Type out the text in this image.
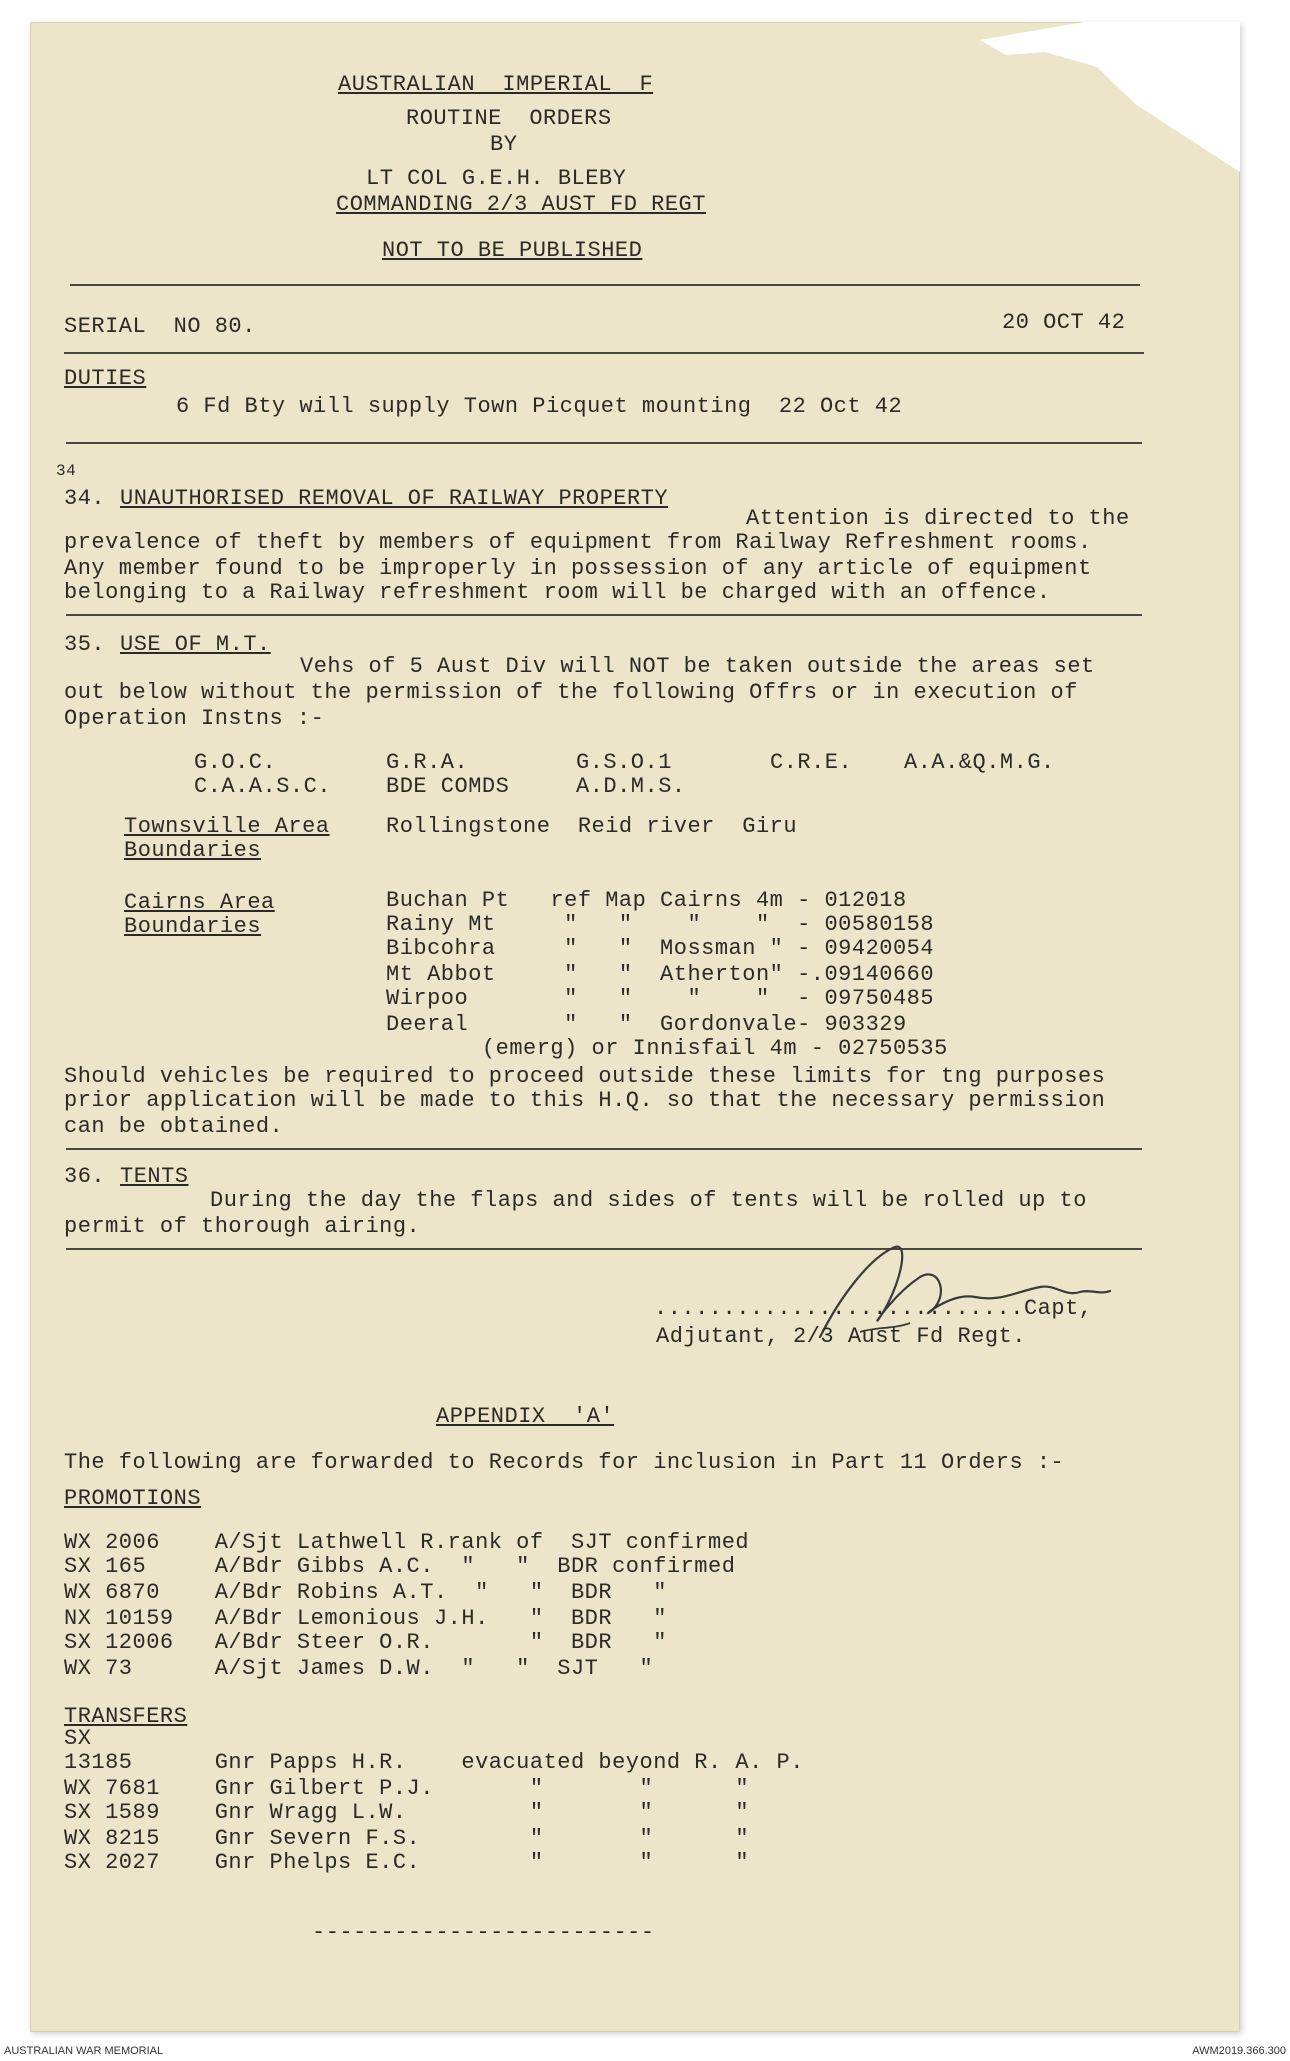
AUSTRALIAN  IMPERIAL  F
ROUTINE  ORDERS
BY
LT COL G.E.H. BLEBY
COMMANDING 2/3 AUST FD REGT
NOT TO BE PUBLISHED
SERIAL  NO 80.	20 OCT 42
DUTIES
6 Fd Bty will supply Town Picquet mounting  22 Oct 42
34
34. UNAUTHORISED REMOVAL OF RAILWAY PROPERTY
Attention is directed to the
prevalence of theft by members of equipment from Railway Refreshment rooms.
Any member found to be improperly in possession of any article of equipment
belonging to a Railway refreshment room will be charged with an offence.
35. USE OF M.T.
Vehs of 5 Aust Div will NOT be taken outside the areas set
out below without the permission of the following Offrs or in execution of
Operation Instns :-
G.O.C.	G.R.A.	G.S.O.1	C.R.E. A.A.&Q.M.G.
C.A.A.S.C. BDE COMDS	A.D.M.S.
Townsville Area
Boundaries
Rollingstone  Reid river  Giru
Cairns Area
Boundaries
Buchan Pt   ref Map Cairns 4m - 012018
Rainy Mt     "   "    "    "  - 00580158
Bibcohra     "   "  Mossman " - 09420054
Mt Abbot     "   "  Atherton" -.09140660
Wirpoo       "   "    "    "  - 09750485
Deeral       "   "  Gordonvale- 903329
(emerg) or Innisfail 4m - 02750535
Should vehicles be required to proceed outside these limits for tng purposes
prior application will be made to this H.Q. so that the necessary permission
can be obtained.
36. TENTS
During the day the flaps and sides of tents will be rolled up to
permit of thorough airing.
...........................Capt,
Adjutant, 2/3 Aust Fd Regt.
APPENDIX  'A'
The following are forwarded to Records for inclusion in Part 11 Orders :-
PROMOTIONS
WX 2006    A/Sjt Lathwell R.rank of  SJT confirmed
SX 165     A/Bdr Gibbs A.C.  "   "  BDR confirmed
WX 6870    A/Bdr Robins A.T.  "   "  BDR   "
NX 10159   A/Bdr Lemonious J.H.   "  BDR   "
SX 12006   A/Bdr Steer O.R.       "  BDR   "
WX 73      A/Sjt James D.W.  "   "  SJT   "
TRANSFERS
SX
13185      Gnr Papps H.R.    evacuated beyond R. A. P.
WX 7681    Gnr Gilbert P.J.       "       "      "
SX 1589    Gnr Wragg L.W.         "       "      "
WX 8215    Gnr Severn F.S.        "       "      "
SX 2027    Gnr Phelps E.C.        "       "      "
-------------------------
AUSTRALIAN WAR MEMORIAL	AWM2019.366.300
